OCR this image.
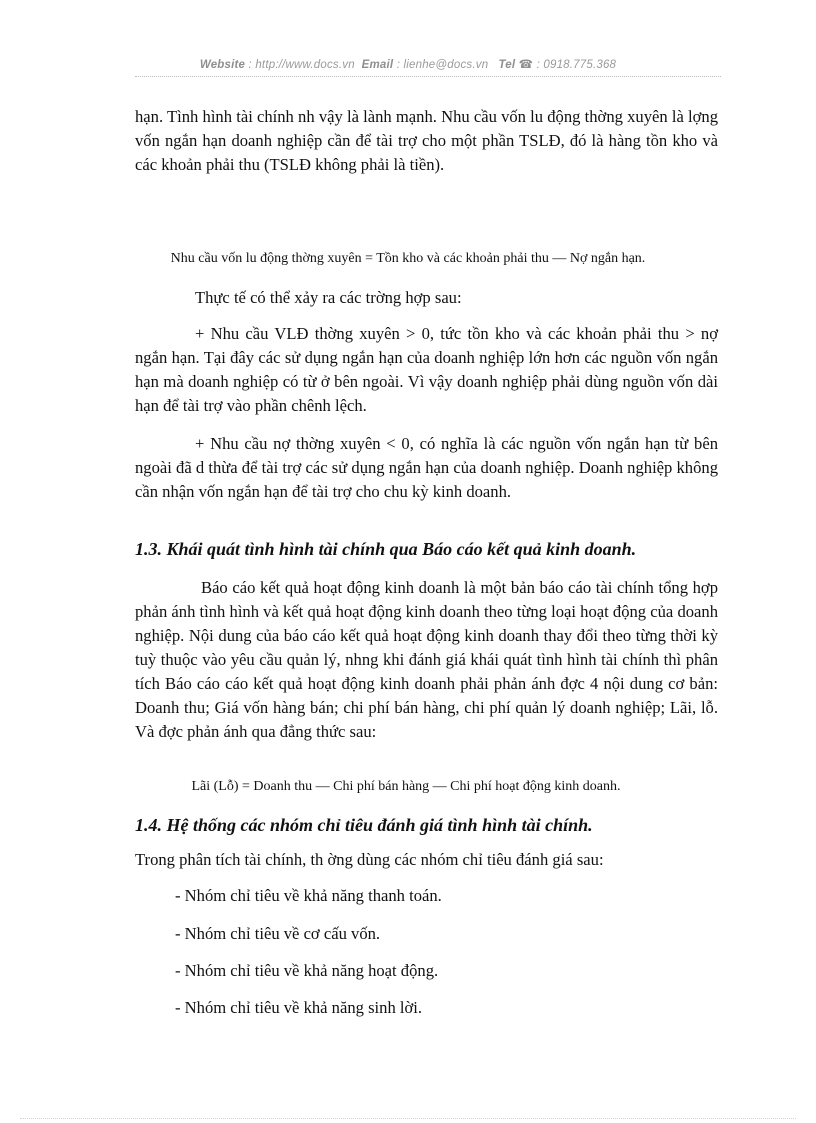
Website : http://www.docs.vn Email : lienhe@docs.vn Tel ☎ : 0918.775.368

hạn. Tình hình tài chính nh vậy là lành mạnh. Nhu cầu vốn lu động thờng xuyên là lợng vốn ngắn hạn doanh nghiệp cần để tài trợ cho một phần TSLĐ, đó là hàng tồn kho và các khoản phải thu (TSLĐ không phải là tiền).

Nhu cầu vốn lu động thờng xuyên = Tồn kho và các khoản phải thu — Nợ ngắn hạn.

Thực tế có thể xảy ra các trờng hợp sau:

+ Nhu cầu VLĐ thờng xuyên > 0, tức tồn kho và các khoản phải thu > nợ ngắn hạn. Tại đây các sử dụng ngắn hạn của doanh nghiệp lớn hơn các nguồn vốn ngắn hạn mà doanh nghiệp có từ ở bên ngoài. Vì vậy doanh nghiệp phải dùng nguồn vốn dài hạn để tài trợ vào phần chênh lệch.

+ Nhu cầu nợ thờng xuyên < 0, có nghĩa là các nguồn vốn ngắn hạn từ bên ngoài đã d thừa để tài trợ các sử dụng ngắn hạn của doanh nghiệp. Doanh nghiệp không cần nhận vốn ngắn hạn để tài trợ cho chu kỳ kinh doanh.

1.3. Khái quát tình hình tài chính qua Báo cáo kết quả kinh doanh.

Báo cáo kết quả hoạt động kinh doanh là một bản báo cáo tài chính tổng hợp phản ánh tình hình và kết quả hoạt động kinh doanh theo từng loại hoạt động của doanh nghiệp. Nội dung của báo cáo kết quả hoạt động kinh doanh thay đổi theo từng thời kỳ tuỳ thuộc vào yêu cầu quản lý, nhng khi đánh giá khái quát tình hình tài chính thì phân tích Báo cáo cáo kết quả hoạt động kinh doanh phải phản ánh đợc 4 nội dung cơ bản: Doanh thu; Giá vốn hàng bán; chi phí bán hàng, chi phí quản lý doanh nghiệp; Lãi, lỗ. Và đợc phản ánh qua đẳng thức sau:

Lãi (Lỗ) = Doanh thu — Chi phí bán hàng — Chi phí hoạt động kinh doanh.

1.4. Hệ thống các nhóm chỉ tiêu đánh giá tình hình tài chính.

Trong phân tích tài chính, th ờng dùng các nhóm chỉ tiêu đánh giá sau:

- Nhóm chỉ tiêu về khả năng thanh toán.

- Nhóm chỉ tiêu về cơ cấu vốn.

- Nhóm chỉ tiêu về khả năng hoạt động.

- Nhóm chỉ tiêu về khả năng sinh lời.
